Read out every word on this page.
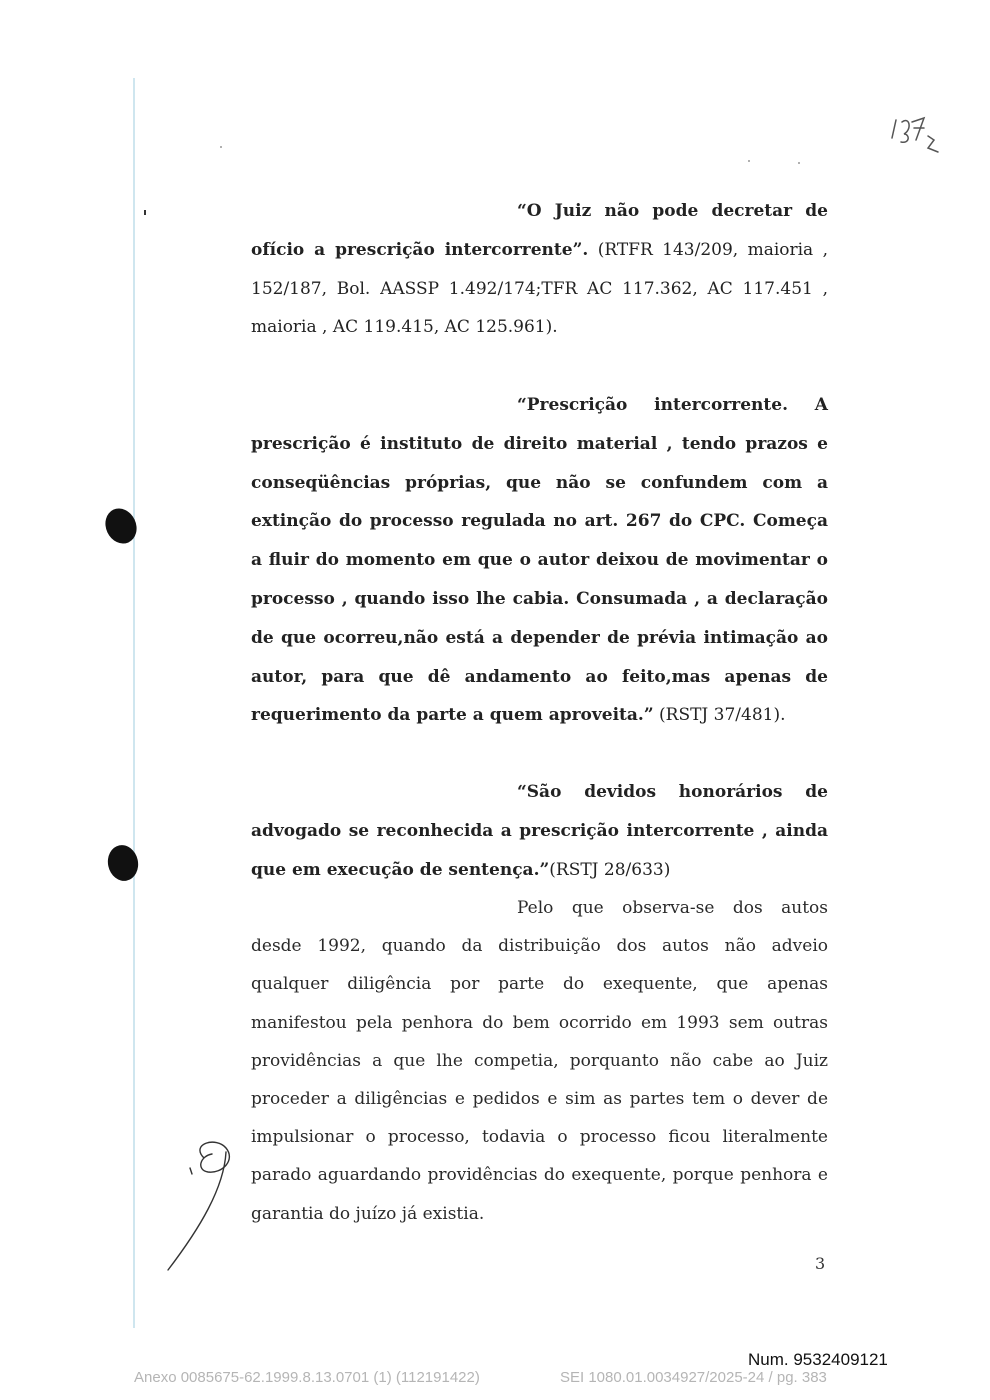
“O Juiz não pode decretar de ofício a prescrição intercorrente”. (RTFR 143/209, maioria , 152/187, Bol. AASSP 1.492/174;TFR AC 117.362, AC 117.451 , maioria , AC 119.415, AC 125.961).
“Prescrição intercorrente. A prescrição é instituto de direito material , tendo prazos e conseqüências próprias, que não se confundem com a extinção do processo regulada no art. 267 do CPC. Começa a fluir do momento em que o autor deixou de movimentar o processo , quando isso lhe cabia. Consumada , a declaração de que ocorreu,não está a depender de prévia intimação ao autor, para que dê andamento ao feito,mas apenas de requerimento da parte a quem aproveita.” (RSTJ 37/481).
“São devidos honorários de advogado se reconhecida a prescrição intercorrente , ainda que em execução de sentença.”(RSTJ 28/633)
Pelo que observa-se dos autos desde 1992, quando da distribuição dos autos não adveio qualquer diligência por parte do exequente, que apenas manifestou pela penhora do bem ocorrido em 1993 sem outras providências a que lhe competia, porquanto não cabe ao Juiz proceder a diligências e pedidos e sim as partes tem o dever de impulsionar o processo, todavia o processo ficou literalmente parado aguardando providências do exequente, porque penhora e garantia do juízo já existia.
3
Num. 9532409121
Anexo 0085675-62.1999.8.13.0701 (1) (112191422)	SEI 1080.01.0034927/2025-24 / pg. 383
